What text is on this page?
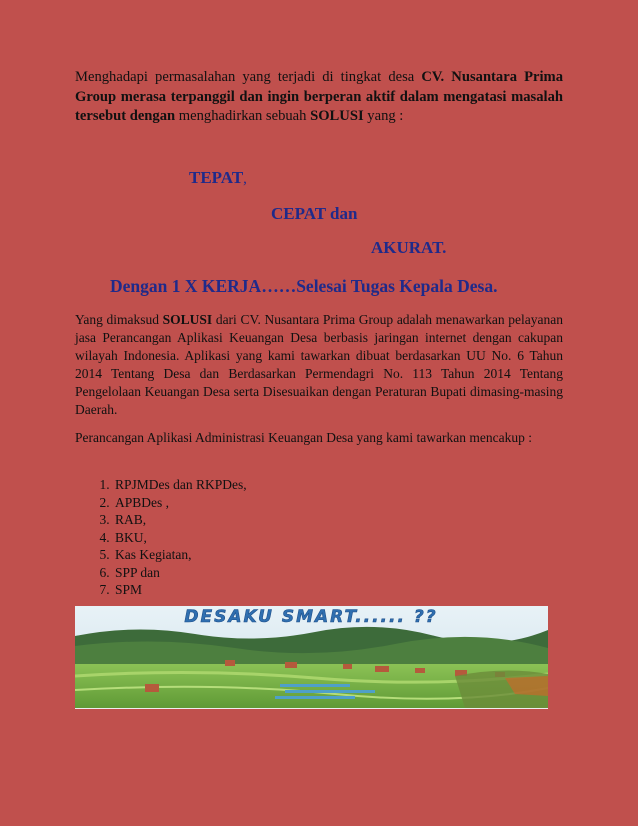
Menghadapi permasalahan yang terjadi di tingkat desa CV. Nusantara Prima Group merasa terpanggil dan ingin berperan aktif dalam mengatasi masalah tersebut dengan menghadirkan sebuah SOLUSI yang :

TEPAT,
CEPAT dan
AKURAT.
Dengan 1 X KERJA……Selesai Tugas Kepala Desa.

Yang dimaksud SOLUSI dari CV. Nusantara Prima Group adalah menawarkan pelayanan jasa Perancangan Aplikasi Keuangan Desa berbasis jaringan internet dengan cakupan wilayah Indonesia. Aplikasi yang kami tawarkan dibuat berdasarkan UU No. 6 Tahun 2014 Tentang Desa dan Berdasarkan Permendagri No. 113 Tahun 2014 Tentang Pengelolaan Keuangan Desa serta Disesuaikan dengan Peraturan Bupati dimasing-masing Daerah.

Perancangan Aplikasi Administrasi Keuangan Desa yang kami tawarkan mencakup :

1. RPJMDes dan RKPDes,
2. APBDes ,
3. RAB,
4. BKU,
5. Kas Kegiatan,
6. SPP dan
7. SPM
DESAKU SMART...... ??
